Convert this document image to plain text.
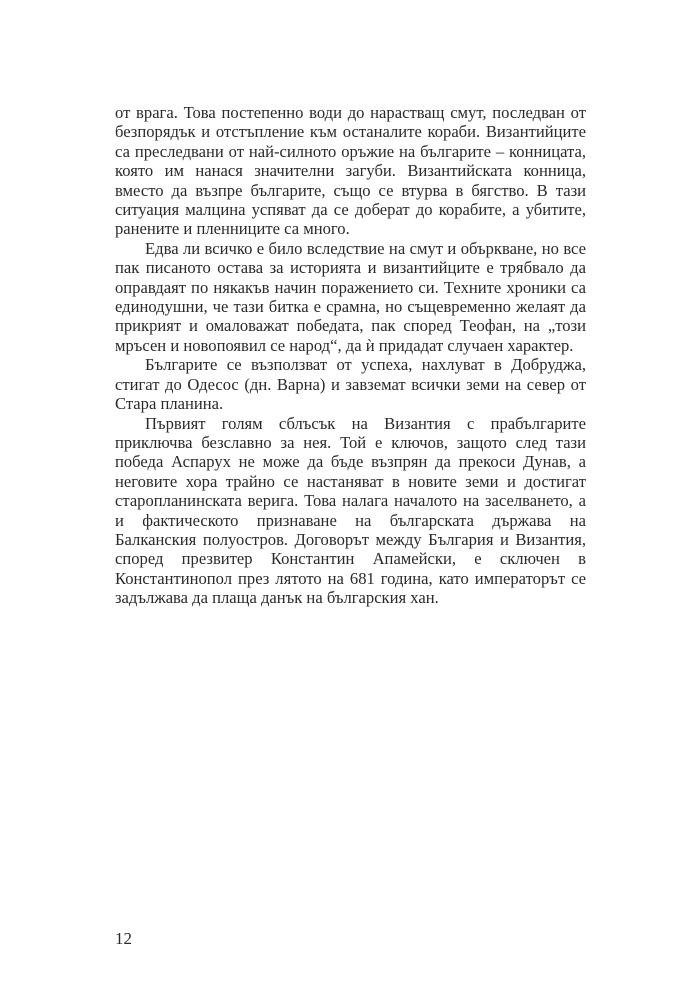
от врага. Това постепенно води до нарастващ смут, последван от безпорядък и отстъпление към останалите кораби. Византийците са преследвани от най-силното оръжие на българите – конницата, която им нанася значителни загуби. Византийската конница, вместо да възпре българите, също се втурва в бягство. В тази ситуация малцина успяват да се доберат до корабите, а убитите, ранените и пленниците са много.

Едва ли всичко е било вследствие на смут и объркване, но все пак писаното остава за историята и византийците е трябвало да оправдаят по някакъв начин поражението си. Техните хроники са единодушни, че тази битка е срамна, но същевременно желаят да прикрият и омаловажат победата, пак според Теофан, на „този мръсен и новопоявил се народ“, да ѝ придадат случаен характер.

Българите се възползват от успеха, нахлуват в Добруджа, стигат до Одесос (дн. Варна) и завземат всички земи на север от Стара планина.

Първият голям сблъсък на Византия с прабългарите приключва безславно за нея. Той е ключов, защото след тази победа Аспарух не може да бъде възпрян да прекоси Дунав, а неговите хора трайно се настаняват в новите земи и достигат старопланинската верига. Това налага началото на заселването, а и фактическото признаване на българската държава на Балканския полуостров. Договорът между България и Византия, според презвитер Константин Апамейски, е сключен в Константинопол през лятото на 681 година, като императорът се задължава да плаща данък на българския хан.

12
